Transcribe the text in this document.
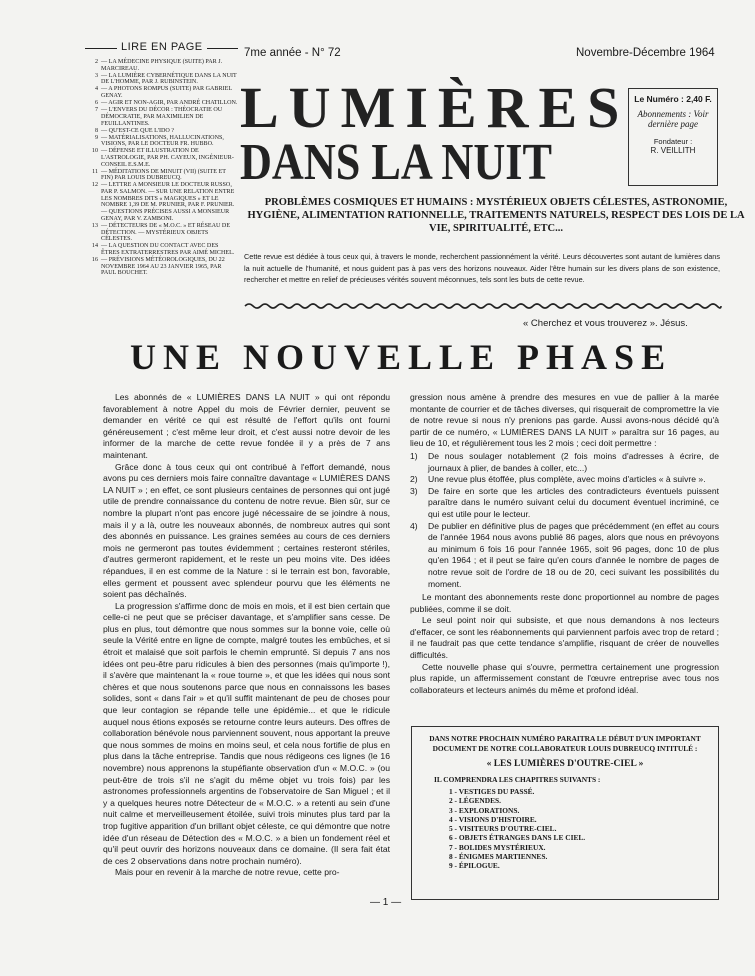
LIRE EN PAGE
2 — LA MÉDECINE PHYSIQUE (SUITE) PAR J. MARCIREAU.
3 — LA LUMIÈRE CYBERNÉTIQUE DANS LA NUIT DE L'HOMME, PAR J. RUBINSTEIN.
4 — A PHOTONS ROMPUS (SUITE) PAR GABRIEL GENAY.
6 — AGIR ET NON-AGIR, PAR ANDRÉ CHATILLON.
7 — L'ENVERS DU DÉCOR : THÉOCRATIE OU DÉMOCRATIE, PAR MAXIMILIEN DE FEUILLANTINES.
8 — QU'EST-CE QUE L'IDO ?
9 — MATÉRIALISATIONS, HALLUCINATIONS, VISIONS, PAR LE DOCTEUR FR. HUBBO.
10 — DÉFENSE ET ILLUSTRATION DE L'ASTROLOGIE, PAR PH. CAYEUX, INGÉNIEUR-CONSEIL E.S.M.E.
11 — MÉDITATIONS DE MINUIT (VII) (SUITE ET FIN) PAR LOUIS DUBREUCQ.
12 — LETTRE A MONSIEUR LE DOCTEUR RUSSO, PAR P. SALMON. — SUR UNE RELATION ENTRE LES NOMBRES DITS « MAGIQUES » ET LE NOMBRE 1,39 DE M. PRUNIER, PAR F. PRUNIER. — QUESTIONS PRÉCISES AUSSI A MONSIEUR GENAY, PAR V. ZAMBONI.
13 — DÉTECTEURS DE « M.O.C. » ET RÉSEAU DE DÉTECTION. — MYSTÉRIEUX OBJETS CÉLESTES.
14 — LA QUESTION DU CONTACT AVEC DES ÊTRES EXTRATERRESTRES PAR AIMÉ MICHEL.
16 — PRÉVISIONS MÉTÉOROLOGIQUES, DU 22 NOVEMBRE 1964 AU 23 JANVIER 1965, PAR PAUL BOUCHET.
7me année - N° 72	Novembre-Décembre 1964
LUMIÈRES
DANS LA NUIT
Le Numéro : 2,40 F.
Abonnements : Voir dernière page
Fondateur :
R. VEILLITH
PROBLÈMES COSMIQUES ET HUMAINS : MYSTÉRIEUX OBJETS CÉLESTES, ASTRONOMIE, HYGIÈNE, ALIMENTATION RATIONNELLE, TRAITEMENTS NATURELS, RESPECT DES LOIS DE LA VIE, SPIRITUALITÉ, ETC...
Cette revue est dédiée à tous ceux qui, à travers le monde, recherchent passionnément la vérité. Leurs découvertes sont autant de lumières dans la nuit actuelle de l'humanité, et nous guident pas à pas vers des horizons nouveaux. Aider l'être humain sur les divers plans de son existence, rechercher et mettre en relief de précieuses vérités souvent méconnues, tels sont les buts de cette revue.
« Cherchez et vous trouverez ». Jésus.
UNE NOUVELLE PHASE

Les abonnés de « LUMIÈRES DANS LA NUIT » qui ont répondu favorablement à notre Appel du mois de Février dernier, peuvent se demander en vérité ce qui est résulté de l'effort qu'ils ont fourni généreusement ; c'est même leur droit, et c'est aussi notre devoir de les informer de la marche de cette revue fondée il y a près de 7 ans maintenant.

Grâce donc à tous ceux qui ont contribué à l'effort demandé, nous avons pu ces derniers mois faire connaître davantage « LUMIÈRES DANS LA NUIT » ; en effet, ce sont plusieurs centaines de personnes qui ont jugé utile de prendre connaissance du contenu de notre revue. Bien sûr, sur ce nombre la plupart n'ont pas encore jugé nécessaire de se joindre à nous, mais il y a là, outre les nouveaux abonnés, de nombreux autres qui sont des abonnés en puissance. Les graines semées au cours de ces derniers mois ne germeront pas toutes évidemment ; certaines resteront stériles, d'autres germeront rapidement, et le reste un peu moins vite. Des idées répandues, il en est comme de la Nature : si le terrain est bon, favorable, elles germent et poussent avec splendeur pourvu que les éléments ne soient pas déchaînés.

La progression s'affirme donc de mois en mois, et il est bien certain que celle-ci ne peut que se préciser davantage, et s'amplifier sans cesse. De plus en plus, tout démontre que nous sommes sur la bonne voie, celle où seule la Vérité entre en ligne de compte, malgré toutes les embûches, et si étroit et malaisé que soit parfois le chemin emprunté. Si depuis 7 ans nos idées ont peu-être paru ridicules à bien des personnes (mais qu'importe !), il s'avère que maintenant la « roue tourne », et que les idées qui nous sont chères et que nous soutenons parce que nous en connaissons les bases solides, sont « dans l'air » et qu'il suffit maintenant de peu de choses pour que leur contagion se répande telle une épidémie... et que le ridicule auquel nous étions exposés se retourne contre leurs auteurs. Des offres de collaboration bénévole nous parviennent souvent, nous apportant la preuve que nous sommes de moins en moins seul, et cela nous fortifie de plus en plus dans la tâche entreprise. Tandis que nous rédigeons ces lignes (le 16 novembre) nous apprenons la stupéfiante observation d'un « M.O.C. » (ou peut-être de trois s'il ne s'agit du même objet vu trois fois) par les astronomes professionnels argentins de l'observatoire de San Miguel ; et il y a quelques heures notre Détecteur de « M.O.C. » a retenti au sein d'une nuit calme et merveilleusement étoilée, suivi trois minutes plus tard par la trop fugitive apparition d'un brillant objet céleste, ce qui démontre que notre idée d'un réseau de Détection des « M.O.C. » a bien un fondement réel et qu'il peut ouvrir des horizons nouveaux dans ce domaine. (Il sera fait état de ces 2 observations dans notre prochain numéro).

Mais pour en revenir à la marche de notre revue, cette pro-

gression nous amène à prendre des mesures en vue de pallier à la marée montante de courrier et de tâches diverses, qui risquerait de compromettre la vie de notre revue si nous n'y prenions pas garde. Aussi avons-nous décidé qu'à partir de ce numéro, « LUMIÈRES DANS LA NUIT » paraîtra sur 16 pages, au lieu de 10, et régulièrement tous les 2 mois ; ceci doit permettre :

1)	De nous soulager notablement (2 fois moins d'adresses à écrire, de journaux à plier, de bandes à coller, etc...)
2)	Une revue plus étoffée, plus complète, avec moins d'articles « à suivre ».
3)	De faire en sorte que les articles des contradicteurs éventuels puissent paraître dans le numéro suivant celui du document éventuel incriminé, ce qui est utile pour le lecteur.
4)	De publier en définitive plus de pages que précédemment (en effet au cours de l'année 1964 nous avons publié 86 pages, alors que nous en prévoyons au minimum 6 fois 16 pour l'année 1965, soit 96 pages, donc 10 de plus qu'en 1964 ; et il peut se faire qu'en cours d'année le nombre de pages de notre revue soit de l'ordre de 18 ou de 20, ceci suivant les possibilités du moment.

Le montant des abonnements reste donc proportionnel au nombre de pages publiées, comme il se doit.

Le seul point noir qui subsiste, et que nous demandons à nos lecteurs d'effacer, ce sont les réabonnements qui parviennent parfois avec trop de retard ; il ne faudrait pas que cette tendance s'amplifie, risquant de créer de nouvelles difficultés.

Cette nouvelle phase qui s'ouvre, permettra certainement une progression plus rapide, un affermissement constant de l'œuvre entreprise avec tous nos collaborateurs et lecteurs animés du même et profond idéal.

DANS NOTRE PROCHAIN NUMÉRO PARAITRA LE DÉBUT D'UN IMPORTANT DOCUMENT DE NOTRE COLLABORATEUR LOUIS DUBREUCQ INTITULÉ :
« LES LUMIÈRES D'OUTRE-CIEL »
IL COMPRENDRA LES CHAPITRES SUIVANTS :
1 - VESTIGES DU PASSÉ.
2 - LÉGENDES.
3 - EXPLORATIONS.
4 - VISIONS D'HISTOIRE.
5 - VISITEURS D'OUTRE-CIEL.
6 - OBJETS ÉTRANGES DANS LE CIEL.
7 - BOLIDES MYSTÉRIEUX.
8 - ÉNIGMES MARTIENNES.
9 - ÉPILOGUE.
— 1 —
